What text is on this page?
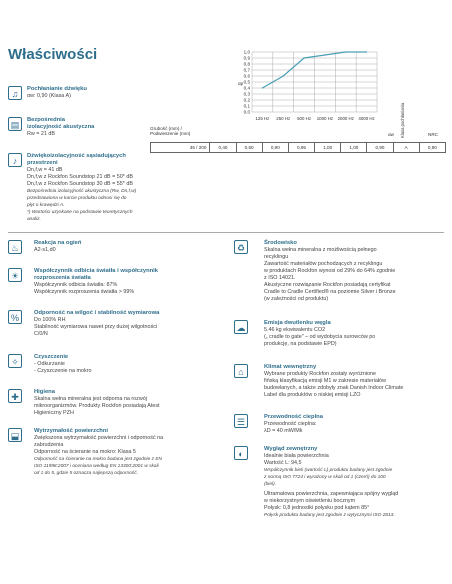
Właściwości	1,0
0,9
0,8
0,7
0,6
0,5
0,4
0,3
0,2
0,1
0,0
αp
125 Hz 250 Hz 500 Hz 1000 Hz 2000 Hz 4000 Hz
Grubość (mm) /
Podwieszenie (mm)	αw	NRC
Klasa pochłaniania
35 / 200	0,40	0,60	0,90	0,95	1,00	1,00	0,90	A	0,90
♫	Pochłanianie dźwięku
αw: 0,90 (Klasa A)
▤	Bezpośrednia
izolacyjność akustyczna
Rw = 21 dB
♪	Dźwiękoizolacyjność sąsiadujących
przestrzeni
Dn,f,w = 41 dB
Dn,f,w z Rockfon Soundstop 21 dB = 50* dB
Dn,f,w z Rockfon Soundstop 30 dB = 55* dB
Bezpośrednia izolacyjność akustyczna (Rw, Dn,f,w)
przedstawiona w karcie produktu odnosi się do
płyt o krawędzi A.
*) Wartości uzyskane na podstawie teoretycznych
analiz.
♨	Reakcja na ogień
A2-s1,d0
☀	Współczynnik odbicia światła i współczynnik
rozproszenia światła
Współczynnik odbicia światła: 87%
Współczynnik rozproszenia światła > 99%
%	Odporność na wilgoć i stabilność wymiarowa
Do 100% RH
Stabilność wymiarowa nawet przy dużej wilgotności
C/0/N
✧	Czyszczenie
- Odkurzanie
- Czyszczenie na mokro
✚	Higiena
Skalna wełna mineralna jest odporna na rozwój
mikroorganizmów. Produkty Rockfon posiadają Atest
Higieniczny PZH
⬓	Wytrzymałość powierzchni
Zwiększona wytrzymałość powierzchni i odporność na
zabrudzenia
Odporność na ścieranie na mokro: Klasa 5
Odporność na ścieranie na mokro badana jest zgodnie z EN
ISO 11998:2007 i oceniana według EN 13300:2001 w skali
od 1 do 5, gdzie 5 oznacza najlepszą odporność.
♻	Środowisko
Skalna wełna mineralna z możliwością pełnego
recyklingu
Zawartość materiałów pochodzących z recyklingu
w produktach Rockfon wynosi od 29% do 64% zgodnie
z ISO 14021.
Akustyczne rozwiązanie Rockfon posiadają certyfikat
Cradle to Cradle Certified® na poziomie Silver i Bronze
(w zależności od produktu)
☁	Emisja dwutlenku węgla
5.46 kg ekwiwalentu CO2
(„ cradle to gate" – od wydobycia surowców po
produkcję, na podstawie EPD)
⌂	Klimat wewnętrzny
Wybrane produkty Rockfon zostały wyróżnione
fińską klasyfikacją emisji M1 w zakresie materiałów
budowlanych, a także zdobyły znak Danish Indoor Climate
Label dla produktów o niskiej emisji LZO
☰	Przewodność cieplna
Przewodność cieplna:
λD = 40 mW/Mk
◐	Wygląd zewnętrzny
Idealnie biała powierzchnia
Wartość L: 94,5
Współczynnik bieli (wartość L) produktu badany jest zgodnie
z normą ISO 7724 i wyrażony w skali od 1 (czerń) do 100
(biel).
Ultramatowa powierzchnia, zapewniająca spójny wygląd
w niekorzystnym oświetleniu bocznym
Połysk: 0,8 jednostki połysku pod kątem 85°
Połysk produktu badany jest zgodnie z wytycznymi ISO 2813.
